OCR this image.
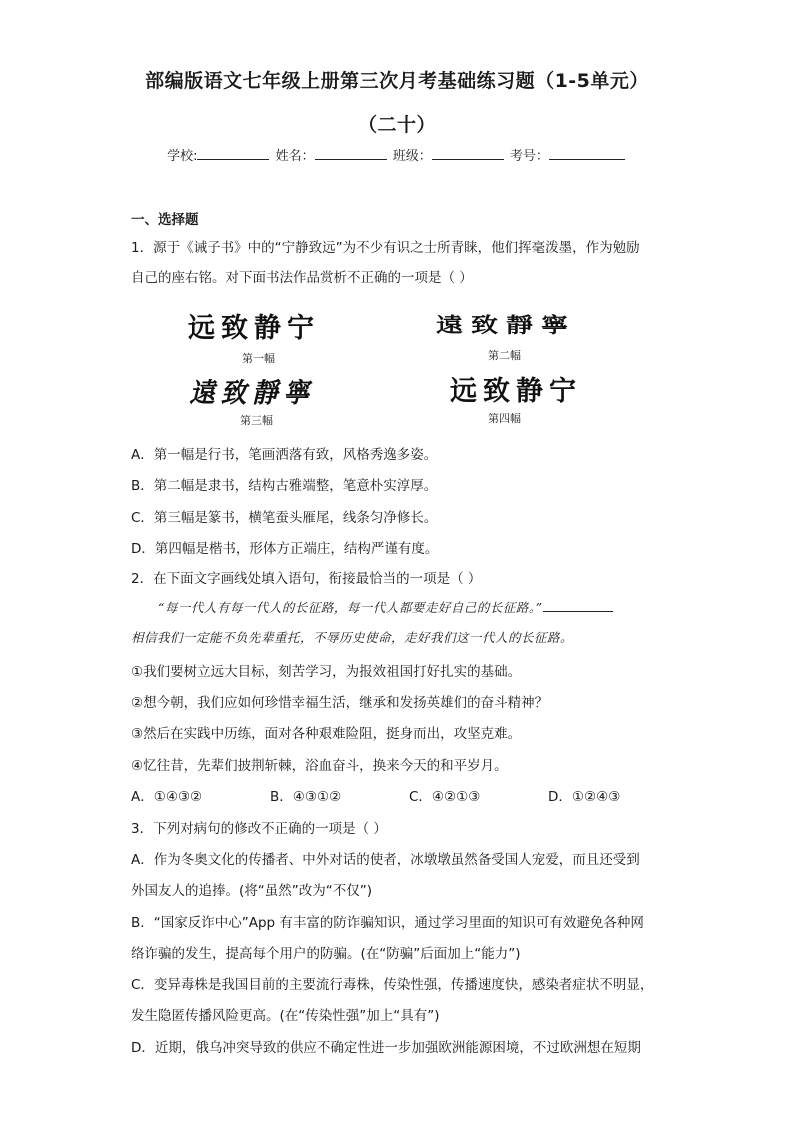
部编版语文七年级上册第三次月考基础练习题（1-5单元）
（二十）
学校:	姓名：	班级：	考号：
一、选择题
1．源于《诫子书》中的“宁静致远”为不少有识之士所青睐，他们挥毫泼墨，作为勉励
自己的座右铭。对下面书法作品赏析不正确的一项是（ ）
远致静宁
第一幅
遠致靜寧
第二幅
遠致靜寧
第三幅
远致静宁
第四幅
A．第一幅是行书，笔画洒落有致，风格秀逸多姿。
B．第二幅是隶书，结构古雅端整，笔意朴实淳厚。
C．第三幅是篆书，横笔蚕头雁尾，线条匀净修长。
D．第四幅是楷书，形体方正端庄，结构严谨有度。
2．在下面文字画线处填入语句，衔接最恰当的一项是（ ）
“每一代人有每一代人的长征路，每一代人都要走好自己的长征路。”
相信我们一定能不负先辈重托，不辱历史使命，走好我们这一代人的长征路。
①我们要树立远大目标，刻苦学习，为报效祖国打好扎实的基础。
②想今朝，我们应如何珍惜幸福生活，继承和发扬英雄们的奋斗精神？
③然后在实践中历练，面对各种艰难险阻，挺身而出，攻坚克难。
④忆往昔，先辈们披荆斩棘，浴血奋斗，换来今天的和平岁月。
A．①④③②	B．④③①②	C．④②①③	D．①②④③
3．下列对病句的修改不正确的一项是（ ）
A．作为冬奥文化的传播者、中外对话的使者，冰墩墩虽然备受国人宠爱，而且还受到
外国友人的追捧。(将“虽然”改为“不仅”)
B．“国家反诈中心”App 有丰富的防诈骗知识，通过学习里面的知识可有效避免各种网
络诈骗的发生，提高每个用户的防骗。(在“防骗”后面加上“能力”)
C．变异毒株是我国目前的主要流行毒株，传染性强，传播速度快，感染者症状不明显，
发生隐匿传播风险更高。(在“传染性强”加上“具有”)
D．近期，俄乌冲突导致的供应不确定性进一步加强欧洲能源困境，不过欧洲想在短期
